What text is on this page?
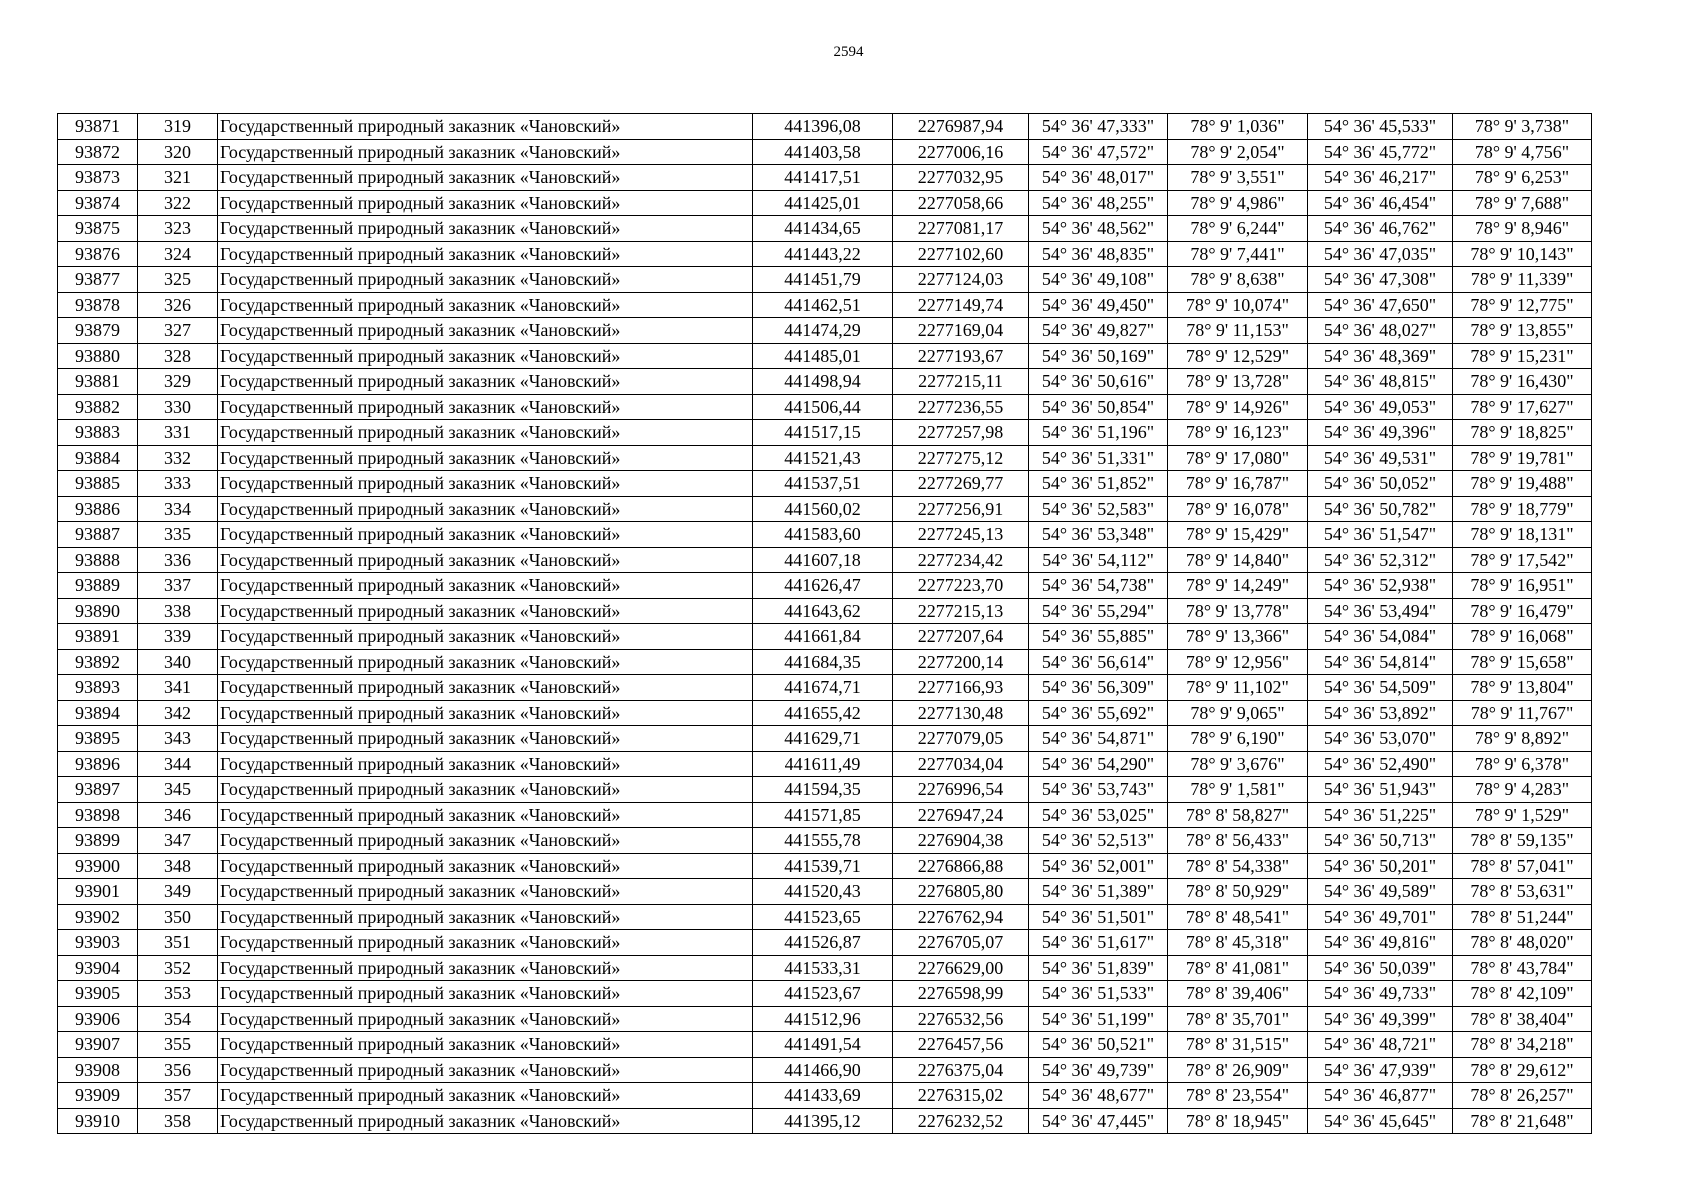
2594
93871	319	Государственный природный заказник «Чановский»	441396,08	2276987,94	54° 36' 47,333"	78° 9' 1,036"	54° 36' 45,533"	78° 9' 3,738"
93872	320	Государственный природный заказник «Чановский»	441403,58	2277006,16	54° 36' 47,572"	78° 9' 2,054"	54° 36' 45,772"	78° 9' 4,756"
93873	321	Государственный природный заказник «Чановский»	441417,51	2277032,95	54° 36' 48,017"	78° 9' 3,551"	54° 36' 46,217"	78° 9' 6,253"
93874	322	Государственный природный заказник «Чановский»	441425,01	2277058,66	54° 36' 48,255"	78° 9' 4,986"	54° 36' 46,454"	78° 9' 7,688"
93875	323	Государственный природный заказник «Чановский»	441434,65	2277081,17	54° 36' 48,562"	78° 9' 6,244"	54° 36' 46,762"	78° 9' 8,946"
93876	324	Государственный природный заказник «Чановский»	441443,22	2277102,60	54° 36' 48,835"	78° 9' 7,441"	54° 36' 47,035"	78° 9' 10,143"
93877	325	Государственный природный заказник «Чановский»	441451,79	2277124,03	54° 36' 49,108"	78° 9' 8,638"	54° 36' 47,308"	78° 9' 11,339"
93878	326	Государственный природный заказник «Чановский»	441462,51	2277149,74	54° 36' 49,450"	78° 9' 10,074"	54° 36' 47,650"	78° 9' 12,775"
93879	327	Государственный природный заказник «Чановский»	441474,29	2277169,04	54° 36' 49,827"	78° 9' 11,153"	54° 36' 48,027"	78° 9' 13,855"
93880	328	Государственный природный заказник «Чановский»	441485,01	2277193,67	54° 36' 50,169"	78° 9' 12,529"	54° 36' 48,369"	78° 9' 15,231"
93881	329	Государственный природный заказник «Чановский»	441498,94	2277215,11	54° 36' 50,616"	78° 9' 13,728"	54° 36' 48,815"	78° 9' 16,430"
93882	330	Государственный природный заказник «Чановский»	441506,44	2277236,55	54° 36' 50,854"	78° 9' 14,926"	54° 36' 49,053"	78° 9' 17,627"
93883	331	Государственный природный заказник «Чановский»	441517,15	2277257,98	54° 36' 51,196"	78° 9' 16,123"	54° 36' 49,396"	78° 9' 18,825"
93884	332	Государственный природный заказник «Чановский»	441521,43	2277275,12	54° 36' 51,331"	78° 9' 17,080"	54° 36' 49,531"	78° 9' 19,781"
93885	333	Государственный природный заказник «Чановский»	441537,51	2277269,77	54° 36' 51,852"	78° 9' 16,787"	54° 36' 50,052"	78° 9' 19,488"
93886	334	Государственный природный заказник «Чановский»	441560,02	2277256,91	54° 36' 52,583"	78° 9' 16,078"	54° 36' 50,782"	78° 9' 18,779"
93887	335	Государственный природный заказник «Чановский»	441583,60	2277245,13	54° 36' 53,348"	78° 9' 15,429"	54° 36' 51,547"	78° 9' 18,131"
93888	336	Государственный природный заказник «Чановский»	441607,18	2277234,42	54° 36' 54,112"	78° 9' 14,840"	54° 36' 52,312"	78° 9' 17,542"
93889	337	Государственный природный заказник «Чановский»	441626,47	2277223,70	54° 36' 54,738"	78° 9' 14,249"	54° 36' 52,938"	78° 9' 16,951"
93890	338	Государственный природный заказник «Чановский»	441643,62	2277215,13	54° 36' 55,294"	78° 9' 13,778"	54° 36' 53,494"	78° 9' 16,479"
93891	339	Государственный природный заказник «Чановский»	441661,84	2277207,64	54° 36' 55,885"	78° 9' 13,366"	54° 36' 54,084"	78° 9' 16,068"
93892	340	Государственный природный заказник «Чановский»	441684,35	2277200,14	54° 36' 56,614"	78° 9' 12,956"	54° 36' 54,814"	78° 9' 15,658"
93893	341	Государственный природный заказник «Чановский»	441674,71	2277166,93	54° 36' 56,309"	78° 9' 11,102"	54° 36' 54,509"	78° 9' 13,804"
93894	342	Государственный природный заказник «Чановский»	441655,42	2277130,48	54° 36' 55,692"	78° 9' 9,065"	54° 36' 53,892"	78° 9' 11,767"
93895	343	Государственный природный заказник «Чановский»	441629,71	2277079,05	54° 36' 54,871"	78° 9' 6,190"	54° 36' 53,070"	78° 9' 8,892"
93896	344	Государственный природный заказник «Чановский»	441611,49	2277034,04	54° 36' 54,290"	78° 9' 3,676"	54° 36' 52,490"	78° 9' 6,378"
93897	345	Государственный природный заказник «Чановский»	441594,35	2276996,54	54° 36' 53,743"	78° 9' 1,581"	54° 36' 51,943"	78° 9' 4,283"
93898	346	Государственный природный заказник «Чановский»	441571,85	2276947,24	54° 36' 53,025"	78° 8' 58,827"	54° 36' 51,225"	78° 9' 1,529"
93899	347	Государственный природный заказник «Чановский»	441555,78	2276904,38	54° 36' 52,513"	78° 8' 56,433"	54° 36' 50,713"	78° 8' 59,135"
93900	348	Государственный природный заказник «Чановский»	441539,71	2276866,88	54° 36' 52,001"	78° 8' 54,338"	54° 36' 50,201"	78° 8' 57,041"
93901	349	Государственный природный заказник «Чановский»	441520,43	2276805,80	54° 36' 51,389"	78° 8' 50,929"	54° 36' 49,589"	78° 8' 53,631"
93902	350	Государственный природный заказник «Чановский»	441523,65	2276762,94	54° 36' 51,501"	78° 8' 48,541"	54° 36' 49,701"	78° 8' 51,244"
93903	351	Государственный природный заказник «Чановский»	441526,87	2276705,07	54° 36' 51,617"	78° 8' 45,318"	54° 36' 49,816"	78° 8' 48,020"
93904	352	Государственный природный заказник «Чановский»	441533,31	2276629,00	54° 36' 51,839"	78° 8' 41,081"	54° 36' 50,039"	78° 8' 43,784"
93905	353	Государственный природный заказник «Чановский»	441523,67	2276598,99	54° 36' 51,533"	78° 8' 39,406"	54° 36' 49,733"	78° 8' 42,109"
93906	354	Государственный природный заказник «Чановский»	441512,96	2276532,56	54° 36' 51,199"	78° 8' 35,701"	54° 36' 49,399"	78° 8' 38,404"
93907	355	Государственный природный заказник «Чановский»	441491,54	2276457,56	54° 36' 50,521"	78° 8' 31,515"	54° 36' 48,721"	78° 8' 34,218"
93908	356	Государственный природный заказник «Чановский»	441466,90	2276375,04	54° 36' 49,739"	78° 8' 26,909"	54° 36' 47,939"	78° 8' 29,612"
93909	357	Государственный природный заказник «Чановский»	441433,69	2276315,02	54° 36' 48,677"	78° 8' 23,554"	54° 36' 46,877"	78° 8' 26,257"
93910	358	Государственный природный заказник «Чановский»	441395,12	2276232,52	54° 36' 47,445"	78° 8' 18,945"	54° 36' 45,645"	78° 8' 21,648"
